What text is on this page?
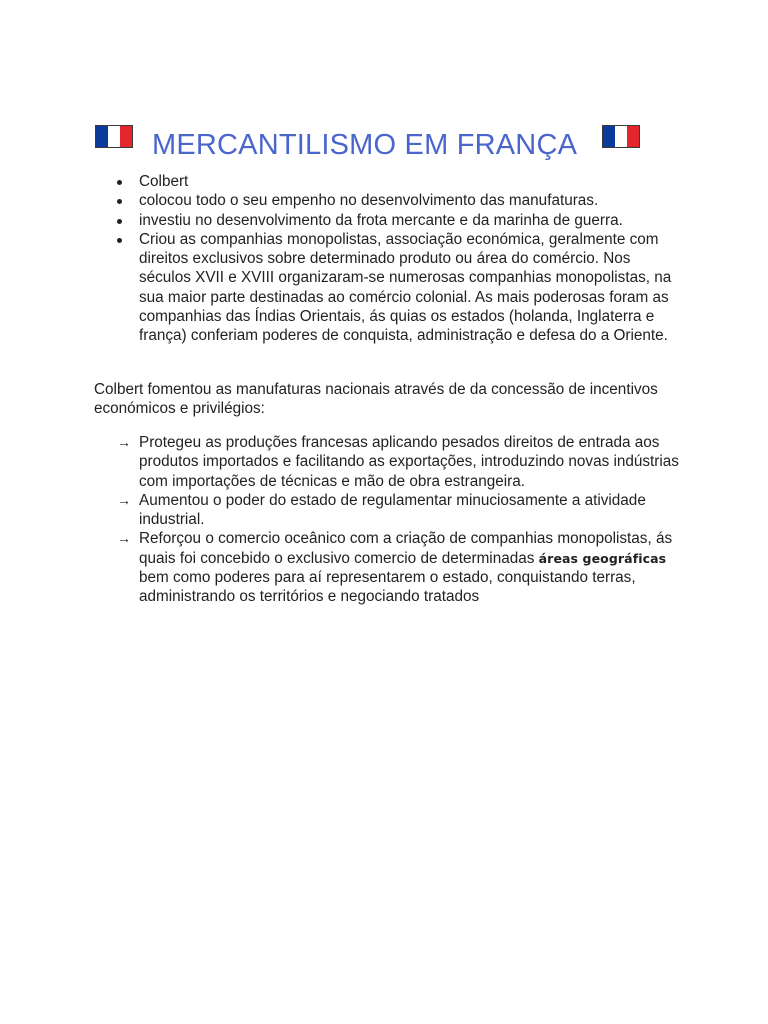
MERCANTILISMO EM FRANÇA
Colbert
colocou todo o seu empenho no desenvolvimento das manufaturas.
investiu no desenvolvimento da frota mercante e da marinha de guerra.
Criou as companhias monopolistas, associação económica, geralmente com direitos exclusivos sobre determinado produto ou área do comércio. Nos séculos XVII e XVIII organizaram-se numerosas companhias monopolistas, na sua maior parte destinadas ao comércio colonial. As mais poderosas foram as companhias das Índias Orientais, ás quias os estados (holanda, Inglaterra e frança) conferiam poderes de conquista, administração e defesa do a Oriente.

Colbert fomentou as manufaturas nacionais através de da concessão de incentivos económicos e privilégios:

→ Protegeu as produções francesas aplicando pesados direitos de entrada aos produtos importados e facilitando as exportações, introduzindo novas indústrias com importações de técnicas e mão de obra estrangeira.
→ Aumentou o poder do estado de regulamentar minuciosamente a atividade industrial.
→ Reforçou o comercio oceânico com a criação de companhias monopolistas, ás quais foi concebido o exclusivo comercio de determinadas áreas geográficas bem como poderes para aí representarem o estado, conquistando terras, administrando os territórios e negociando tratados
